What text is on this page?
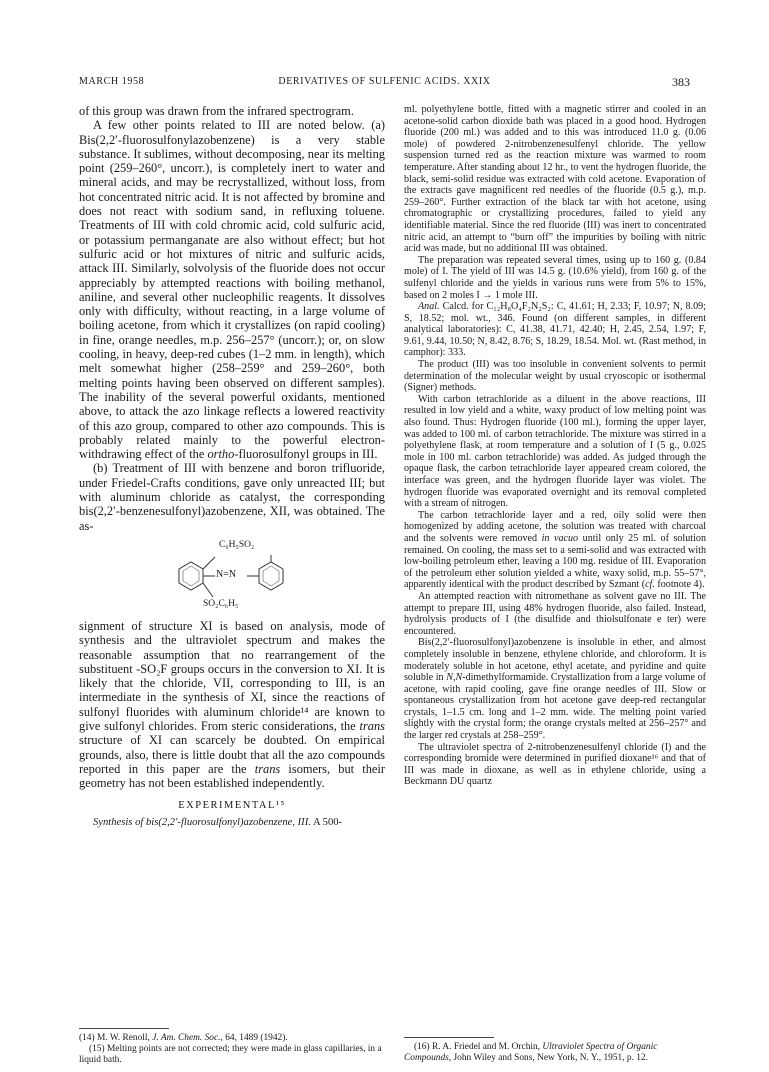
MARCH 1958	DERIVATIVES OF SULFENIC ACIDS. XXIX	383

of this group was drawn from the infrared spectrogram.

A few other points related to III are noted below. (a) Bis(2,2′-fluorosulfonylazobenzene) is a very stable substance. It sublimes, without decomposing, near its melting point (259–260°, uncorr.), is completely inert to water and mineral acids, and may be recrystallized, without loss, from hot concentrated nitric acid. It is not affected by bromine and does not react with sodium sand, in refluxing toluene. Treatments of III with cold chromic acid, cold sulfuric acid, or potassium permanganate are also without effect; but hot sulfuric acid or hot mixtures of nitric and sulfuric acids, attack III. Similarly, solvolysis of the fluoride does not occur appreciably by attempted reactions with boiling methanol, aniline, and several other nucleophilic reagents. It dissolves only with difficulty, without reacting, in a large volume of boiling acetone, from which it crystallizes (on rapid cooling) in fine, orange needles, m.p. 256–257° (uncorr.); or, on slow cooling, in heavy, deep-red cubes (1–2 mm. in length), which melt somewhat higher (258–259° and 259–260°, both melting points having been observed on different samples). The inability of the several powerful oxidants, mentioned above, to attack the azo linkage reflects a lowered reactivity of this azo group, compared to other azo compounds. This is probably related mainly to the powerful electron-withdrawing effect of the ortho-fluorosulfonyl groups in III.

(b) Treatment of III with benzene and boron trifluoride, under Friedel-Crafts conditions, gave only unreacted III; but with aluminum chloride as catalyst, the corresponding bis(2,2′-benzenesulfonyl)azobenzene, XII, was obtained. The as-

C₆H₅SO₂
N=N
SO₂C₆H₅

signment of structure XI is based on analysis, mode of synthesis and the ultraviolet spectrum and makes the reasonable assumption that no rearrangement of the substituent -SO₂F groups occurs in the conversion to XI. It is likely that the chloride, VII, corresponding to III, is an intermediate in the synthesis of XI, since the reactions of sulfonyl fluorides with aluminum chloride¹⁴ are known to give sulfonyl chlorides. From steric considerations, the trans structure of XI can scarcely be doubted. On empirical grounds, also, there is little doubt that all the azo compounds reported in this paper are the trans isomers, but their geometry has not been established independently.

EXPERIMENTAL¹⁵

Synthesis of bis(2,2′-fluorosulfonyl)azobenzene, III. A 500-

(14) M. W. Renoll, J. Am. Chem. Soc., 64, 1489 (1942).

(15) Melting points are not corrected; they were made in glass capillaries, in a liquid bath.

ml. polyethylene bottle, fitted with a magnetic stirrer and cooled in an acetone-solid carbon dioxide bath was placed in a good hood. Hydrogen fluoride (200 ml.) was added and to this was introduced 11.0 g. (0.06 mole) of powdered 2-nitrobenzenesulfenyl chloride. The yellow suspension turned red as the reaction mixture was warmed to room temperature. After standing about 12 hr., to vent the hydrogen fluoride, the black, semi-solid residue was extracted with cold acetone. Evaporation of the extracts gave magnificent red needles of the fluoride (0.5 g.), m.p. 259–260°. Further extraction of the black tar with hot acetone, using chromatographic or crystallizing procedures, failed to yield any identifiable material. Since the red fluoride (III) was inert to concentrated nitric acid, an attempt to “burn off” the impurities by boiling with nitric acid was made, but no additional III was obtained.

The preparation was repeated several times, using up to 160 g. (0.84 mole) of I. The yield of III was 14.5 g. (10.6% yield), from 160 g. of the sulfenyl chloride and the yields in various runs were from 5% to 15%, based on 2 moles I → 1 mole III.

Anal. Calcd. for C₁₂H₈O₄F₂N₂S₂: C, 41.61; H, 2.33; F, 10.97; N, 8.09; S, 18.52; mol. wt., 346. Found (on different samples, in different analytical laboratories): C, 41.38, 41.71, 42.40; H, 2.45, 2.54, 1.97; F, 9.61, 9.44, 10.50; N, 8.42, 8.76; S, 18.29, 18.54. Mol. wt. (Rast method, in camphor): 333.

The product (III) was too insoluble in convenient solvents to permit determination of the molecular weight by usual cryoscopic or isothermal (Signer) methods.

With carbon tetrachloride as a diluent in the above reactions, III resulted in low yield and a white, waxy product of low melting point was also found. Thus: Hydrogen fluoride (100 ml.), forming the upper layer, was added to 100 ml. of carbon tetrachloride. The mixture was stirred in a polyethylene flask, at room temperature and a solution of I (5 g., 0.025 mole in 100 ml. carbon tetrachloride) was added. As judged through the opaque flask, the carbon tetrachloride layer appeared cream colored, the interface was green, and the hydrogen fluoride layer was violet. The hydrogen fluoride was evaporated overnight and its removal completed with a stream of nitrogen.

The carbon tetrachloride layer and a red, oily solid were then homogenized by adding acetone, the solution was treated with charcoal and the solvents were removed in vacuo until only 25 ml. of solution remained. On cooling, the mass set to a semi-solid and was extracted with low-boiling petroleum ether, leaving a 100 mg. residue of III. Evaporation of the petroleum ether solution yielded a white, waxy solid, m.p. 55–57°, apparently identical with the product described by Szmant (cf. footnote 4).

An attempted reaction with nitromethane as solvent gave no III. The attempt to prepare III, using 48% hydrogen fluoride, also failed. Instead, hydrolysis products of I (the disulfide and thiolsulfonate e ter) were encountered.

Bis(2,2′-fluorosulfonyl)azobenzene is insoluble in ether, and almost completely insoluble in benzene, ethylene chloride, and chloroform. It is moderately soluble in hot acetone, ethyl acetate, and pyridine and quite soluble in N,N-dimethylformamide. Crystallization from a large volume of acetone, with rapid cooling, gave fine orange needles of III. Slow or spontaneous crystallization from hot acetone gave deep-red rectangular crystals, 1–1.5 cm. long and 1–2 mm. wide. The melting point varied slightly with the crystal form; the orange crystals melted at 256–257° and the larger red crystals at 258–259°.

The ultraviolet spectra of 2-nitrobenzenesulfenyl chloride (I) and the corresponding bromide were determined in purified dioxane¹⁶ and that of III was made in dioxane, as well as in ethylene chloride, using a Beckmann DU quartz

(16) R. A. Friedel and M. Orchin, Ultraviolet Spectra of Organic Compounds, John Wiley and Sons, New York, N. Y., 1951, p. 12.
